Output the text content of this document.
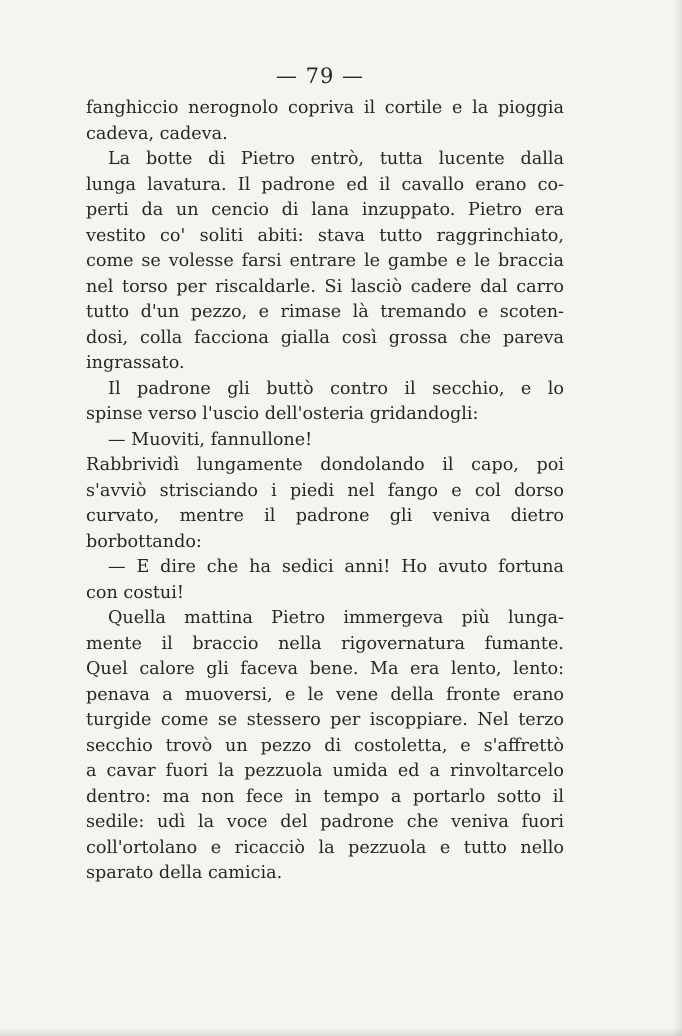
— 79 —
fanghiccio nerognolo copriva il cortile e la pioggia
cadeva, cadeva.
La botte di Pietro entrò, tutta lucente dalla
lunga lavatura. Il padrone ed il cavallo erano co-
perti da un cencio di lana inzuppato. Pietro era
vestito co' soliti abiti: stava tutto raggrinchiato,
come se volesse farsi entrare le gambe e le braccia
nel torso per riscaldarle. Si lasciò cadere dal carro
tutto d'un pezzo, e rimase là tremando e scoten-
dosi, colla facciona gialla così grossa che pareva
ingrassato.
Il padrone gli buttò contro il secchio, e lo
spinse verso l'uscio dell'osteria gridandogli:
— Muoviti, fannullone!
Rabbrividì lungamente dondolando il capo, poi
s'avviò strisciando i piedi nel fango e col dorso
curvato, mentre il padrone gli veniva dietro
borbottando:
— E dire che ha sedici anni! Ho avuto fortuna
con costui!
Quella mattina Pietro immergeva più lunga-
mente il braccio nella rigovernatura fumante.
Quel calore gli faceva bene. Ma era lento, lento:
penava a muoversi, e le vene della fronte erano
turgide come se stessero per iscoppiare. Nel terzo
secchio trovò un pezzo di costoletta, e s'affrettò
a cavar fuori la pezzuola umida ed a rinvoltarcelo
dentro: ma non fece in tempo a portarlo sotto il
sedile: udì la voce del padrone che veniva fuori
coll'ortolano e ricacciò la pezzuola e tutto nello
sparato della camicia.
